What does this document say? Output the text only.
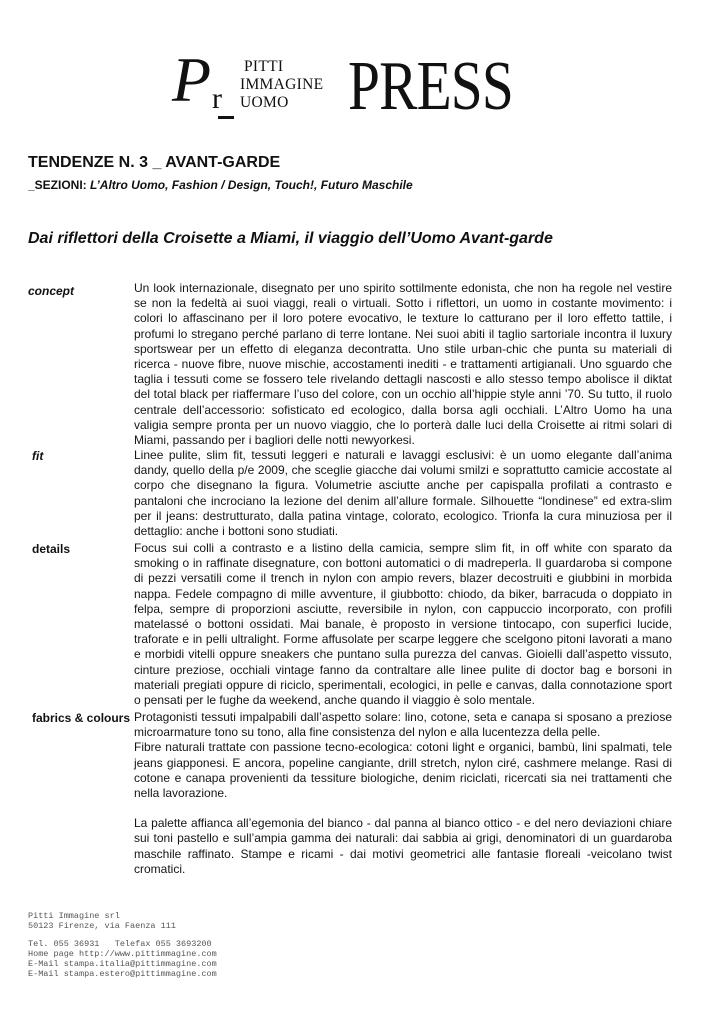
P r
PITTI
IMMAGINE
UOMO PRESS
TENDENZE N. 3 _ AVANT-GARDE
_SEZIONI: L’Altro Uomo, Fashion / Design, Touch!, Futuro Maschile
Dai riflettori della Croisette a Miami, il viaggio dell’Uomo Avant-garde
concept	Un look internazionale, disegnato per uno spirito sottilmente edonista, che non ha regole nel vestire se non la fedeltà ai suoi viaggi, reali o virtuali. Sotto i riflettori, un uomo in costante movimento: i colori lo affascinano per il loro potere evocativo, le texture lo catturano per il loro effetto tattile, i profumi lo stregano perché parlano di terre lontane. Nei suoi abiti il taglio sartoriale incontra il luxury sportswear per un effetto di eleganza decontratta. Uno stile urban-chic che punta su materiali di ricerca - nuove fibre, nuove mischie, accostamenti inediti - e trattamenti artigianali. Uno sguardo che taglia i tessuti come se fossero tele rivelando dettagli nascosti e allo stesso tempo abolisce il diktat del total black per riaffermare l’uso del colore, con un occhio all’hippie style anni ’70. Su tutto, il ruolo centrale dell’accessorio: sofisticato ed ecologico, dalla borsa agli occhiali. L’Altro Uomo ha una valigia sempre pronta per un nuovo viaggio, che lo porterà dalle luci della Croisette ai ritmi solari di Miami, passando per i bagliori delle notti newyorkesi.

fit	Linee pulite, slim fit, tessuti leggeri e naturali e lavaggi esclusivi: è un uomo elegante dall’anima dandy, quello della p/e 2009, che sceglie giacche dai volumi smilzi e soprattutto camicie accostate al corpo che disegnano la figura. Volumetrie asciutte anche per capispalla profilati a contrasto e pantaloni che incrociano la lezione del denim all’allure formale. Silhouette “londinese” ed extra-slim per il jeans: destrutturato, dalla patina vintage, colorato, ecologico. Trionfa la cura minuziosa per il dettaglio: anche i bottoni sono studiati.

details	Focus sui colli a contrasto e a listino della camicia, sempre slim fit, in off white con sparato da smoking o in raffinate disegnature, con bottoni automatici o di madreperla. Il guardaroba si compone di pezzi versatili come il trench in nylon con ampio revers, blazer decostruiti e giubbini in morbida nappa. Fedele compagno di mille avventure, il giubbotto: chiodo, da biker, barracuda o doppiato in felpa, sempre di proporzioni asciutte, reversibile in nylon, con cappuccio incorporato, con profili matelassé o bottoni ossidati. Mai banale, è proposto in versione tintocapo, con superfici lucide, traforate e in pelli ultralight. Forme affusolate per scarpe leggere che scelgono pitoni lavorati a mano e morbidi vitelli oppure sneakers che puntano sulla purezza del canvas. Gioielli dall’aspetto vissuto, cinture preziose, occhiali vintage fanno da contraltare alle linee pulite di doctor bag e borsoni in materiali pregiati oppure di riciclo, sperimentali, ecologici, in pelle e canvas, dalla connotazione sport o pensati per le fughe da weekend, anche quando il viaggio è solo mentale.

fabrics & colours Protagonisti tessuti impalpabili dall’aspetto solare: lino, cotone, seta e canapa si sposano a preziose microarmature tono su tono, alla fine consistenza del nylon e alla lucentezza della pelle.

Fibre naturali trattate con passione tecno-ecologica: cotoni light e organici, bambù, lini spalmati, tele jeans giapponesi. E ancora, popeline cangiante, drill stretch, nylon ciré, cashmere melange. Rasi di cotone e canapa provenienti da tessiture biologiche, denim riciclati, ricercati sia nei trattamenti che nella lavorazione.

La palette affianca all’egemonia del bianco - dal panna al bianco ottico - e del nero deviazioni chiare sui toni pastello e sull’ampia gamma dei naturali: dai sabbia ai grigi, denominatori di un guardaroba maschile raffinato. Stampe e ricami - dai motivi geometrici alle fantasie floreali -veicolano twist cromatici.

Pitti Immagine srl
50123 Firenze, via Faenza 111
Tel. 055 36931   Telefax 055 3693200
Home page http://www.pittimmagine.com
E-Mail stampa.italia@pittimmagine.com
E-Mail stampa.estero@pittimmagine.com
